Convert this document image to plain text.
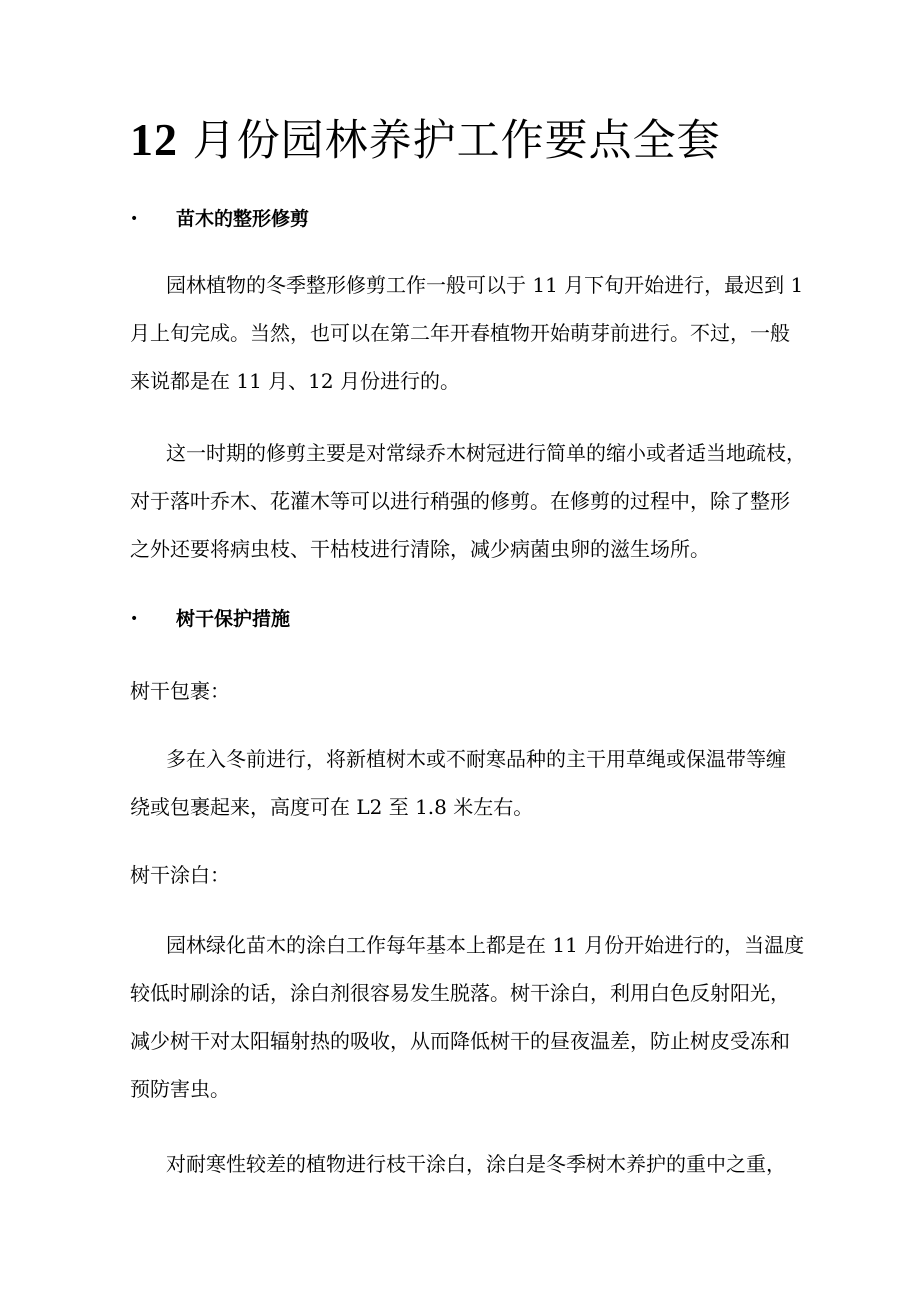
12 月份园林养护工作要点全套
• 苗木的整形修剪
园林植物的冬季整形修剪工作一般可以于 11 月下旬开始进行，最迟到 1
月上旬完成。当然，也可以在第二年开春植物开始萌芽前进行。不过，一般
来说都是在 11 月、12 月份进行的。
这一时期的修剪主要是对常绿乔木树冠进行简单的缩小或者适当地疏枝，
对于落叶乔木、花灌木等可以进行稍强的修剪。在修剪的过程中，除了整形
之外还要将病虫枝、干枯枝进行清除，减少病菌虫卵的滋生场所。
• 树干保护措施
树干包裹：
多在入冬前进行，将新植树木或不耐寒品种的主干用草绳或保温带等缠
绕或包裹起来，高度可在 L2 至 1.8 米左右。
树干涂白：
园林绿化苗木的涂白工作每年基本上都是在 11 月份开始进行的，当温度
较低时刷涂的话，涂白剂很容易发生脱落。树干涂白，利用白色反射阳光，
减少树干对太阳辐射热的吸收，从而降低树干的昼夜温差，防止树皮受冻和
预防害虫。
对耐寒性较差的植物进行枝干涂白，涂白是冬季树木养护的重中之重，
